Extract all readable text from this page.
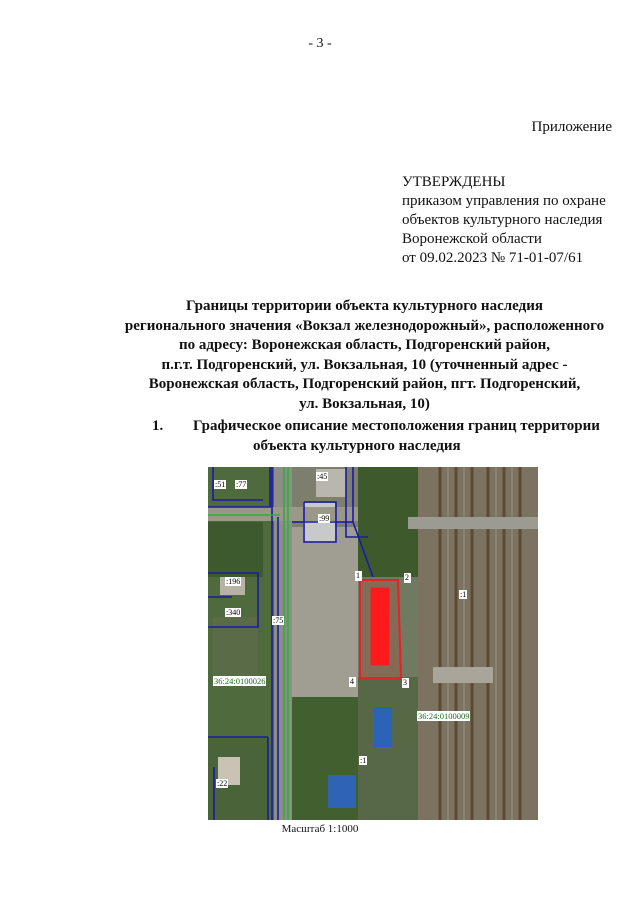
- 3 -
Приложение
УТВЕРЖДЕНЫ
приказом управления по охране
объектов культурного наследия
Воронежской области
от 09.02.2023 № 71-01-07/61
Границы территории объекта культурного наследия
регионального значения «Вокзал железнодорожный», расположенного
по адресу: Воронежская область, Подгоренский район,
п.г.т. Подгоренский, ул. Вокзальная, 10 (уточненный адрес -
Воронежская область, Подгоренский район, пгт. Подгоренский,
ул. Вокзальная, 10)
1. Графическое описание местоположения границ территории
объекта культурного наследия
:51 :77
:45
:99
:196
:340
:75
:1
:1
:22
36:24:0100026
36:24:0100009
1	2
3
4
Масштаб 1:1000
